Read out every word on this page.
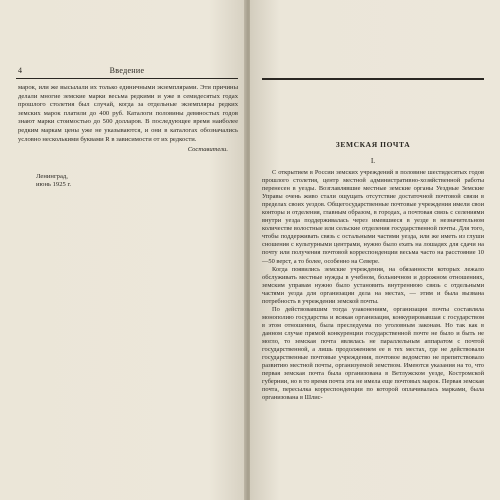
4	Введение

марок, или же высылали их только единичными экземплярами. Эти причины делали многие земские марки весьма редкими и уже в семидесятых годах прошлого столетия был случай, когда за отдельные экземпляры редких земских марок платили до 400 руб. Каталоги половины девяностых годов знают марки стоимостью до 500 долларов. В последующее время наиболее редким маркам цены уже не указываются, и они в каталогах обозначались условно несколькими буквами R в зависимости от их редкости.

Составители.
Ленинград,
июнь 1925 г.
ЗЕМСКАЯ ПОЧТА
I.

С открытием в России земских учреждений в половине шестидесятых годов прошлого столетия, центр местной административно-хозяйственной работы перенесен в уезды. Возглавлявшие местные земские органы Уездные Земские Управы очень живо стали ощущать отсутствие достаточной почтовой связи в пределах своих уездов. Общегосударственные почтовые учреждения имели свои конторы и отделения, главным образом, в городах, а почтовая связь с селениями внутри уезда поддерживалась через имевшиеся в уезде в незначительном количестве волостные или сельские отделения государственной почты. Для того, чтобы поддерживать связь с остальными частями уезда, или же иметь из глуши сношения с культурными центрами, нужно было ехать на лошадях для сдачи на почту или получения почтовой корреспонденции весьма часто на расстояние 10—50 верст, а то более, особенно на Севере.

Когда появились земские учреждения, на обязанности которых лежало обслуживать местные нужды в учебном, больничном и дорожном отношениях, земским управам нужно было установить внутреннюю связь с отдельными частями уезда для организации дела на местах, — этим и была вызвана потребность в учреждении земской почты.

По действовавшим тогда узаконениям, организация почты составляла монополию государства и всякая организация, конкурировавшая с государством в этом отношении, была преследуема по уголовным законам. Но так как в данном случае прямой конкуренции государственной почте не было и быть не могло, то земская почта являлась не параллельным аппаратом с почтой государственной, а лишь продолжением ее в тех местах, где не действовали государственные почтовые учреждения, почтовое ведомство не препятствовало развитию местной почты, организуемой земством. Имеются указания на то, что первая земская почта была организована в Ветлужском уезде, Костромской губернии, но в то время почта эта не имела еще почтовых марок. Первая земская почта, пересылка корреспонденции по которой оплачивалась марками, была организована в Шлис-
